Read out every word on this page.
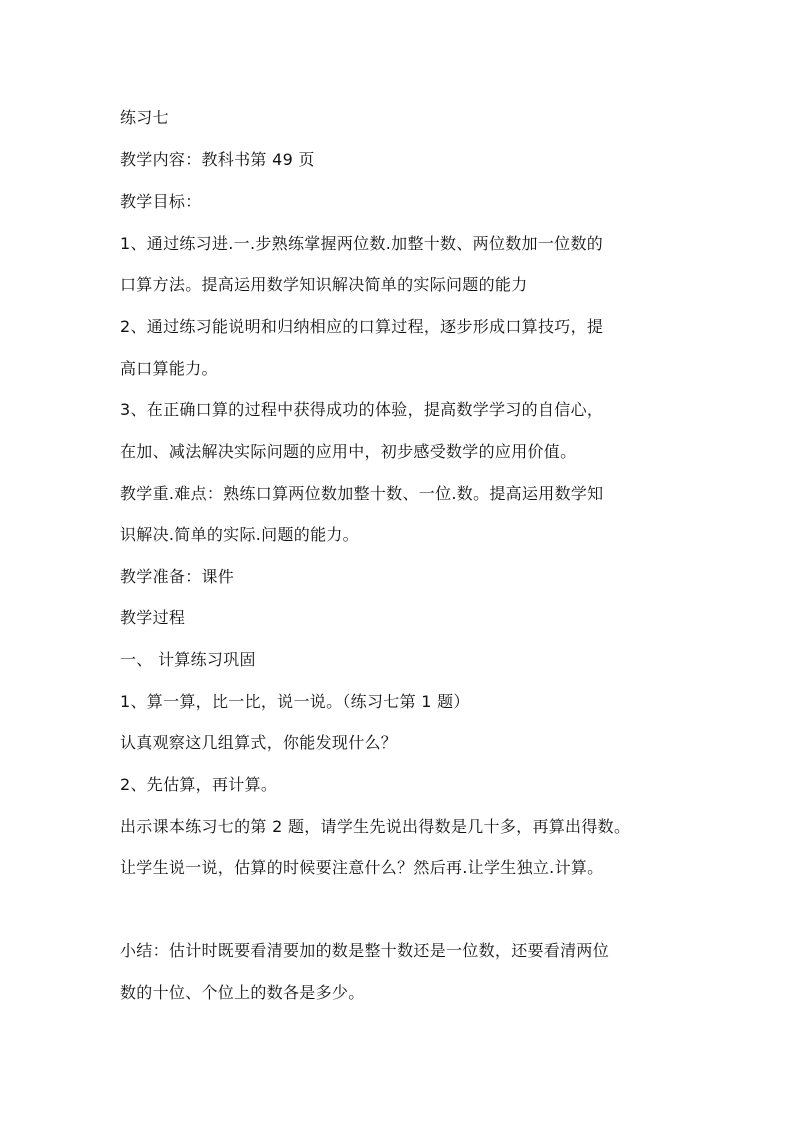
练习七
教学内容：教科书第 49 页
教学目标：
1、通过练习进.一.步熟练掌握两位数.加整十数、两位数加一位数的
口算方法。提高运用数学知识解决简单的实际问题的能力
2、通过练习能说明和归纳相应的口算过程，逐步形成口算技巧，提
高口算能力。
3、在正确口算的过程中获得成功的体验，提高数学学习的自信心，
在加、减法解决实际问题的应用中，初步感受数学的应用价值。
教学重.难点：熟练口算两位数加整十数、一位.数。提高运用数学知
识解决.简单的实际.问题的能力。
教学准备：课件
教学过程
一、 计算练习巩固
1、算一算，比一比，说一说。（练习七第 1 题）
认真观察这几组算式，你能发现什么？
2、先估算，再计算。
出示课本练习七的第 2 题，请学生先说出得数是几十多，再算出得数。
让学生说一说，估算的时候要注意什么？然后再.让学生独立.计算。
小结：估计时既要看清要加的数是整十数还是一位数，还要看清两位
数的十位、个位上的数各是多少。
